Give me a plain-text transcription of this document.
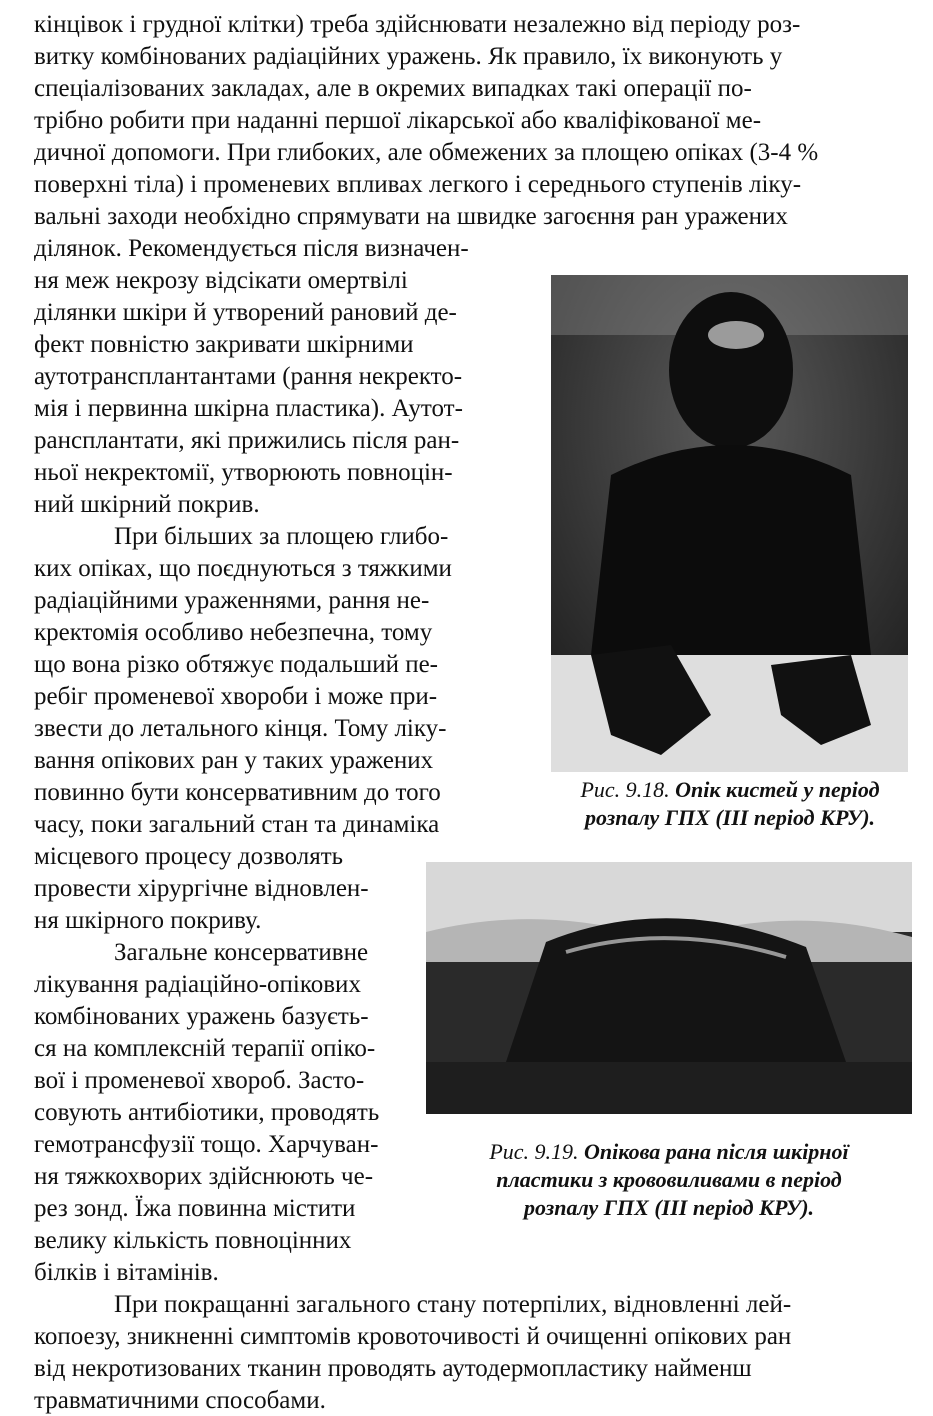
кінцівок і грудної клітки) треба здійснювати незалежно від періоду роз-

витку комбінованих радіаційних уражень. Як правило, їх виконують у

спеціалізованих закладах, але в окремих випадках такі операції по-

трібно робити при наданні першої лікарської або кваліфікованої ме-

дичної допомоги. При глибоких, але обмежених за площею опіках (3-4 %

поверхні тіла) і променевих впливах легкого і середнього ступенів ліку-

вальні заходи необхідно спрямувати на швидке загоєння ран уражених

ділянок. Рекомендується після визначен-

ня меж некрозу відсікати омертвілі

ділянки шкіри й утворений рановий де-

фект повністю закривати шкірними

аутотрансплантантами (рання некректо-

мія і первинна шкірна пластика). Аутот-

рансплантати, які прижились після ран-

ньої некректомії, утворюють повноцін-

ний шкірний покрив.

При більших за площею глибо-

ких опіках, що поєднуються з тяжкими

радіаційними ураженнями, рання не-

кректомія особливо небезпечна, тому

що вона різко обтяжує подальший пе-

ребіг променевої хвороби і може при-

звести до летального кінця. Тому ліку-

вання опікових ран у таких уражених

повинно бути консервативним до того

часу, поки загальний стан та динаміка

місцевого процесу дозволять

провести хірургічне відновлен-

ня шкірного покриву.

Загальне консервативне

лікування радіаційно-опікових

комбінованих уражень базуєть-

ся на комплексній терапії опіко-

вої і променевої хвороб. Засто-

совують антибіотики, проводять

гемотрансфузії тощо. Харчуван-

ня тяжкохворих здійснюють че-

рез зонд. Їжа повинна містити

велику кількість повноцінних

білків і вітамінів.

При покращанні загального стану потерпілих, відновленні лей-

копоезу, зникненні симптомів кровоточивості й очищенні опікових ран

від некротизованих тканин проводять аутодермопластику найменш

травматичними способами.

Рис. 9.18. Опік кистей у період
розпалу ГПХ (III період КРУ).
Рис. 9.19. Опікова рана після шкірної
пластики з крововиливами в період
розпалу ГПХ (III період КРУ).
